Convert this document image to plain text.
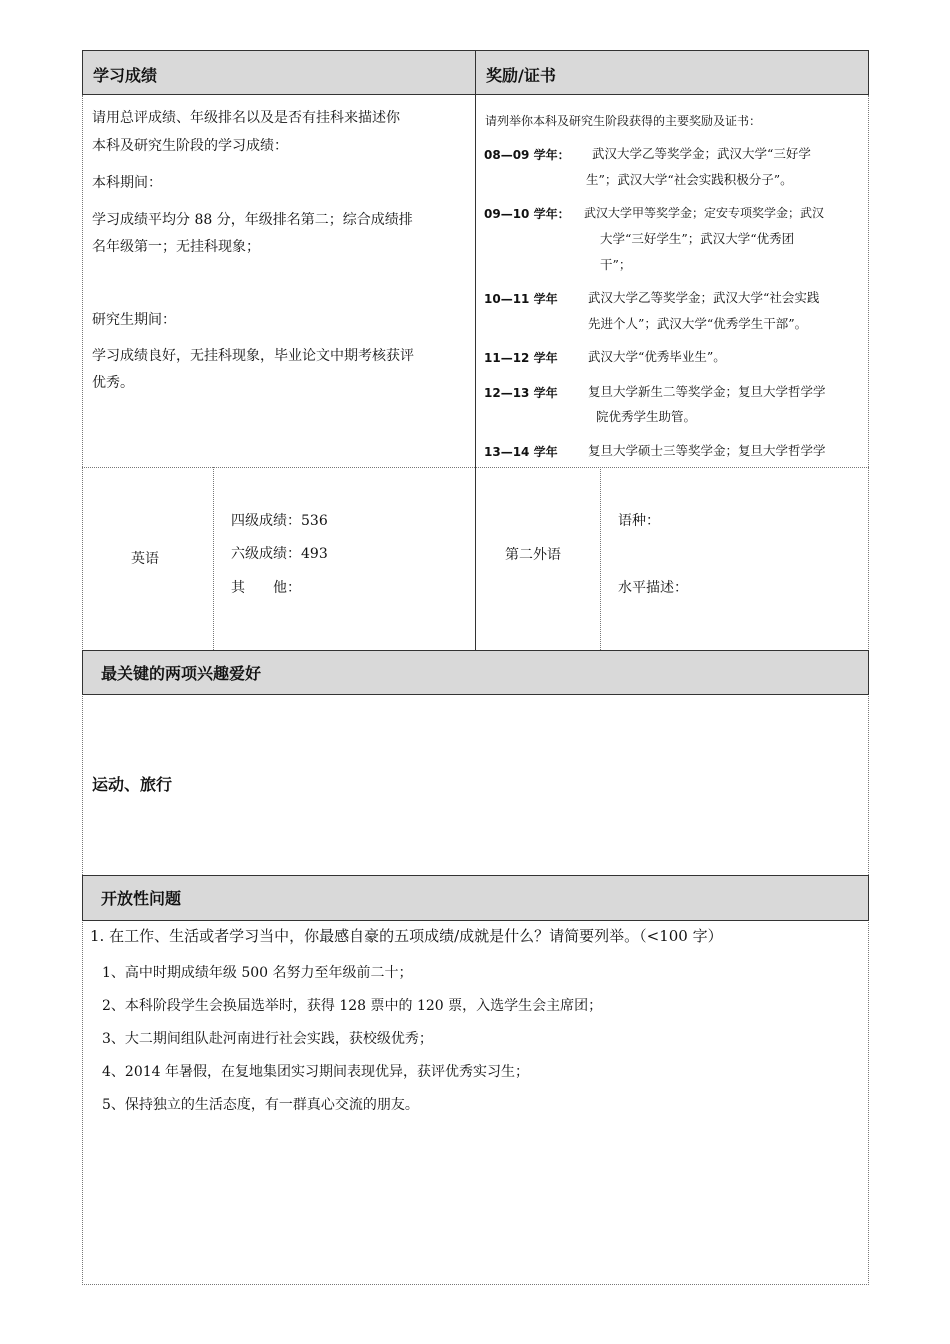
学习成绩	奖励/证书
请用总评成绩、年级排名以及是否有挂科来描述你
本科及研究生阶段的学习成绩：
本科期间：
学习成绩平均分 88 分，年级排名第二；综合成绩排
名年级第一；无挂科现象；
研究生期间：
学习成绩良好，无挂科现象，毕业论文中期考核获评
优秀。
请列举你本科及研究生阶段获得的主要奖励及证书：
08—09 学年： 武汉大学乙等奖学金；武汉大学“三好学
生”；武汉大学“社会实践积极分子”。
09—10 学年： 武汉大学甲等奖学金；定安专项奖学金；武汉
大学“三好学生”；武汉大学“优秀团
干”；
10—11 学年 武汉大学乙等奖学金；武汉大学“社会实践
先进个人”；武汉大学“优秀学生干部”。
11—12 学年 武汉大学“优秀毕业生”。
12—13 学年 复旦大学新生二等奖学金；复旦大学哲学学
院优秀学生助管。
13—14 学年 复旦大学硕士三等奖学金；复旦大学哲学学
英语
四级成绩：536
六级成绩：493
其　　他：
第二外语
语种：
水平描述：
最关键的两项兴趣爱好
运动、旅行
开放性问题
1. 在工作、生活或者学习当中，你最感自豪的五项成绩/成就是什么？请简要列举。（<100 字）
1、高中时期成绩年级 500 名努力至年级前二十；
2、本科阶段学生会换届选举时，获得 128 票中的 120 票，入选学生会主席团；
3、大二期间组队赴河南进行社会实践，获校级优秀；
4、2014 年暑假，在复地集团实习期间表现优异，获评优秀实习生；
5、保持独立的生活态度，有一群真心交流的朋友。
